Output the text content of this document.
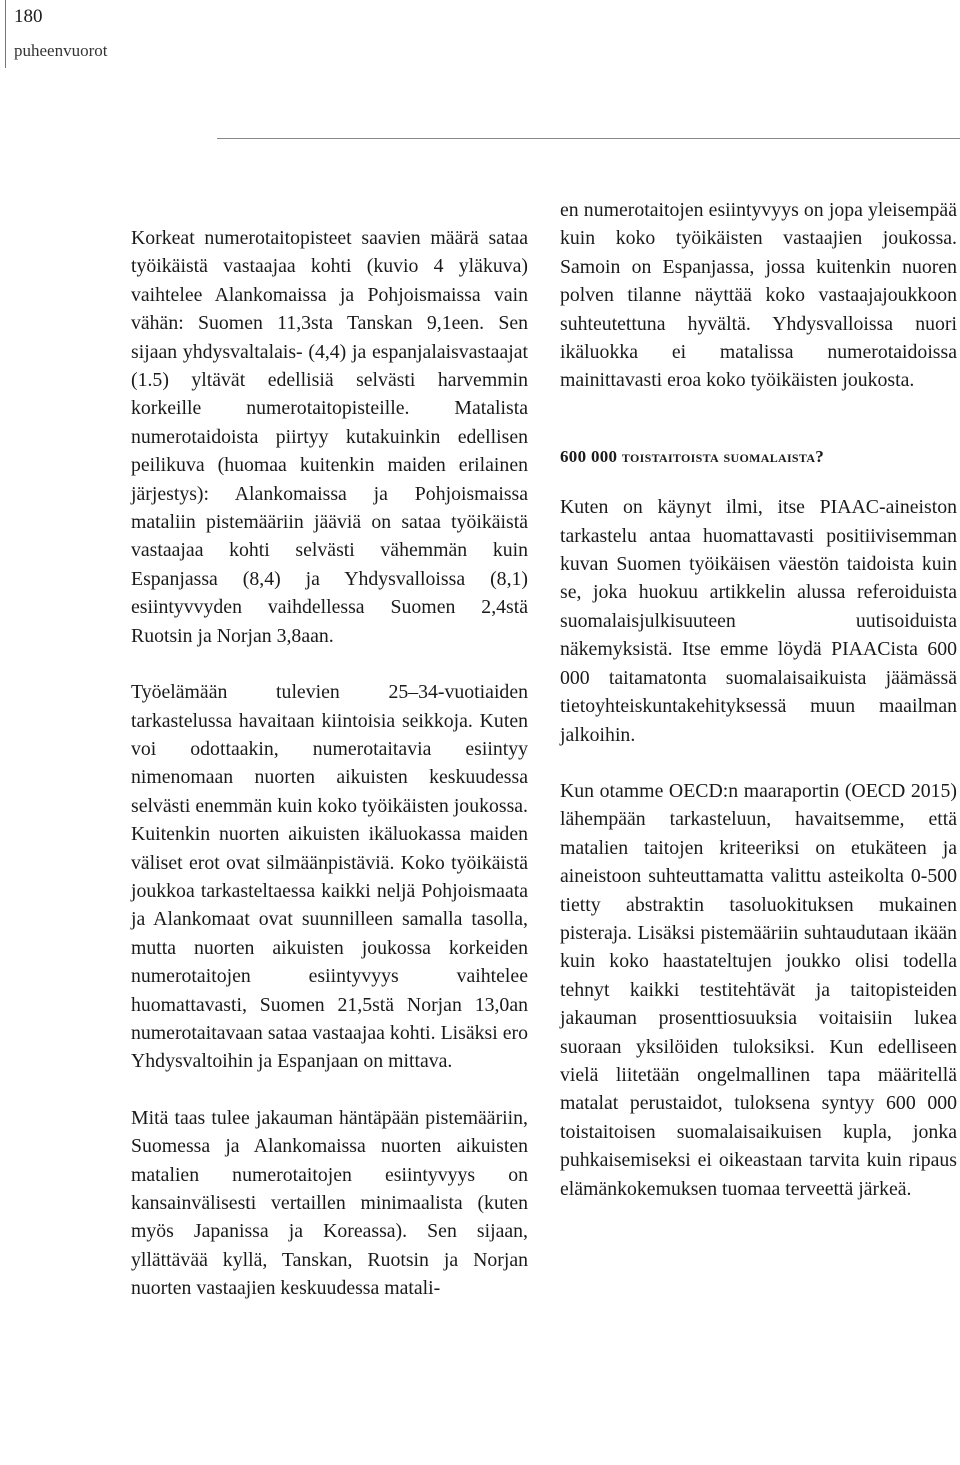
180
puheenvuorot

Korkeat numerotaitopisteet saavien määrä sataa työikäistä vastaajaa kohti (kuvio 4 yläkuva) vaihtelee Alankomaissa ja Pohjoismaissa vain vähän: Suomen 11,3sta Tanskan 9,1een. Sen sijaan yhdysvaltalais- (4,4) ja espanjalaisvastaajat (1.5) yltävät edellisiä selvästi harvemmin korkeille numerotaitopisteille. Matalista numerotaidoista piirtyy kutakuinkin edellisen peilikuva (huomaa kuitenkin maiden erilainen järjestys): Alankomaissa ja Pohjoismaissa mataliin pistemääriin jääviä on sataa työikäistä vastaajaa kohti selvästi vähemmän kuin Espanjassa (8,4) ja Yhdysvalloissa (8,1) esiintyvvyden vaihdellessa Suomen 2,4stä Ruotsin ja Norjan 3,8aan.

Työelämään tulevien 25–34-vuotiaiden tarkastelussa havaitaan kiintoisia seikkoja. Kuten voi odottaakin, numerotaitavia esiintyy nimenomaan nuorten aikuisten keskuudessa selvästi enemmän kuin koko työikäisten joukossa. Kuitenkin nuorten aikuisten ikäluokassa maiden väliset erot ovat silmäänpistäviä. Koko työikäistä joukkoa tarkasteltaessa kaikki neljä Pohjoismaata ja Alankomaat ovat suunnilleen samalla tasolla, mutta nuorten aikuisten joukossa korkeiden numerotaitojen esiintyvyys vaihtelee huomattavasti, Suomen 21,5stä Norjan 13,0an numerotaitavaan sataa vastaajaa kohti. Lisäksi ero Yhdysvaltoihin ja Espanjaan on mittava.

Mitä taas tulee jakauman häntäpään pistemääriin, Suomessa ja Alankomaissa nuorten aikuisten matalien numerotaitojen esiintyvyys on kansainvälisesti vertaillen minimaalista (kuten myös Japanissa ja Koreassa). Sen sijaan, yllättävää kyllä, Tanskan, Ruotsin ja Norjan nuorten vastaajien keskuudessa matali-

en numerotaitojen esiintyvyys on jopa yleisempää kuin koko työikäisten vastaajien joukossa. Samoin on Espanjassa, jossa kuitenkin nuoren polven tilanne näyttää koko vastaajajoukkoon suhteutettuna hyvältä. Yhdysvalloissa nuori ikäluokka ei matalissa numerotaidoissa mainittavasti eroa koko työikäisten joukosta.

600 000 toistaitoista suomalaista?

Kuten on käynyt ilmi, itse PIAAC-aineiston tarkastelu antaa huomattavasti positiivisemman kuvan Suomen työikäisen väestön taidoista kuin se, joka huokuu artikkelin alussa referoiduista suomalaisjulkisuuteen uutisoiduista näkemyksistä. Itse emme löydä PIAACista 600 000 taitamatonta suomalaisaikuista jäämässä tietoyhteiskuntakehityksessä muun maailman jalkoihin.

Kun otamme OECD:n maaraportin (OECD 2015) lähempään tarkasteluun, havaitsemme, että matalien taitojen kriteeriksi on etukäteen ja aineistoon suhteuttamatta valittu asteikolta 0-500 tietty abstraktin tasoluokituksen mukainen pisteraja. Lisäksi pistemääriin suhtaudutaan ikään kuin koko haastateltujen joukko olisi todella tehnyt kaikki testitehtävät ja taitopisteiden jakauman prosenttiosuuksia voitaisiin lukea suoraan yksilöiden tuloksiksi. Kun edelliseen vielä liitetään ongelmallinen tapa määritellä matalat perustaidot, tuloksena syntyy 600 000 toistaitoisen suomalaisaikuisen kupla, jonka puhkaisemiseksi ei oikeastaan tarvita kuin ripaus elämänkokemuksen tuomaa terveettä järkeä.
